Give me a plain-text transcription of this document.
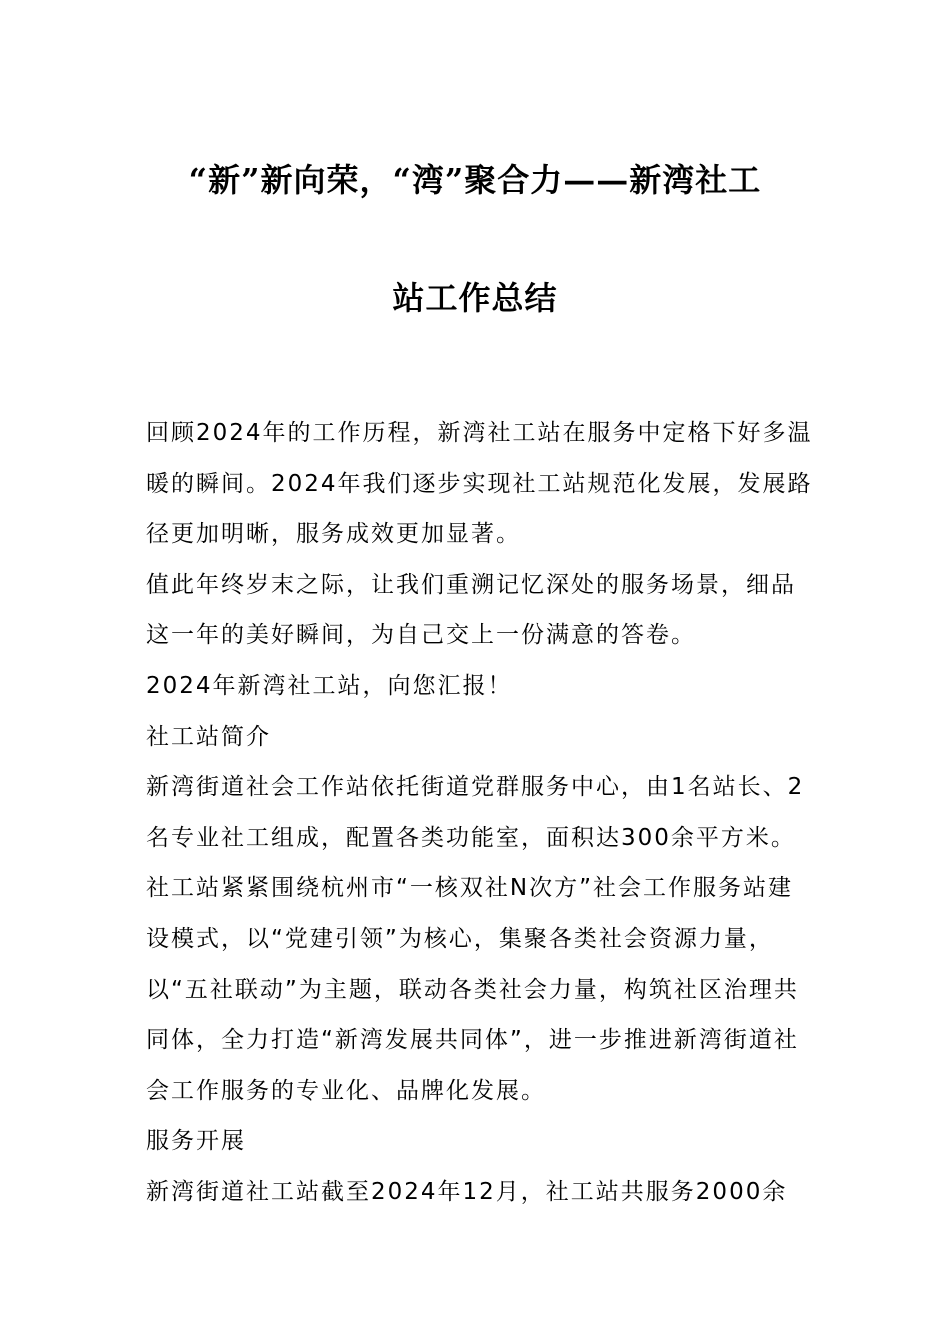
“新”新向荣，“湾”聚合力——新湾社工
站工作总结

回顾2024年的工作历程，新湾社工站在服务中定格下好多温暖的瞬间。2024年我们逐步实现社工站规范化发展，发展路径更加明晰，服务成效更加显著。

值此年终岁末之际，让我们重溯记忆深处的服务场景，细品这一年的美好瞬间，为自己交上一份满意的答卷。

2024年新湾社工站，向您汇报！

社工站简介

新湾街道社会工作站依托街道党群服务中心，由1名站长、2名专业社工组成，配置各类功能室，面积达300余平方米。社工站紧紧围绕杭州市“一核双社N次方”社会工作服务站建设模式，以“党建引领”为核心，集聚各类社会资源力量，以“五社联动”为主题，联动各类社会力量，构筑社区治理共同体，全力打造“新湾发展共同体”，进一步推进新湾街道社会工作服务的专业化、品牌化发展。

服务开展

新湾街道社工站截至2024年12月，社工站共服务2000余
